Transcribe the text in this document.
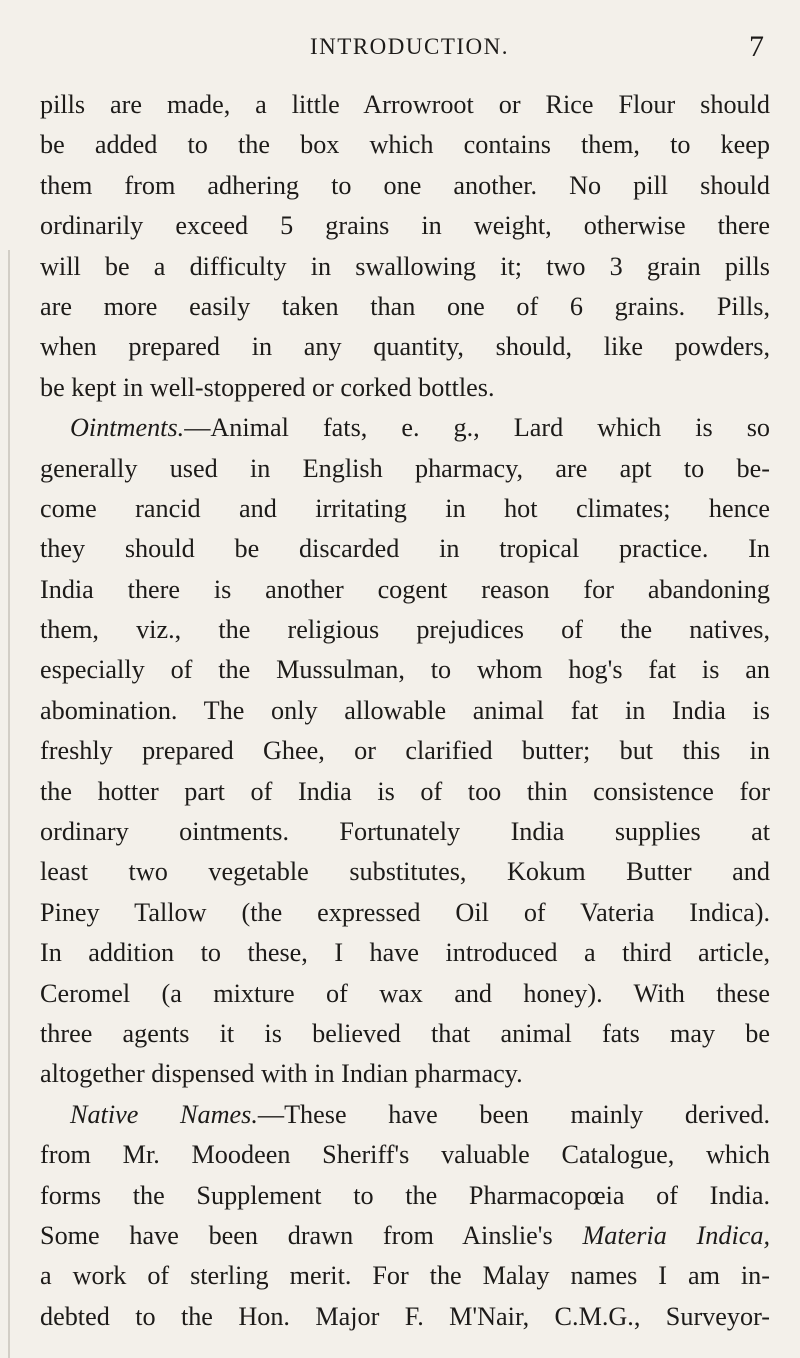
INTRODUCTION.	7
pills are made, a little Arrowroot or Rice Flour should
be added to the box which contains them, to keep
them from adhering to one another. No pill should
ordinarily exceed 5 grains in weight, otherwise there
will be a difficulty in swallowing it; two 3 grain pills
are more easily taken than one of 6 grains. Pills,
when prepared in any quantity, should, like powders,
be kept in well-stoppered or corked bottles.
Ointments.—Animal fats, e. g., Lard which is so
generally used in English pharmacy, are apt to be-
come rancid and irritating in hot climates; hence
they should be discarded in tropical practice. In
India there is another cogent reason for abandoning
them, viz., the religious prejudices of the natives,
especially of the Mussulman, to whom hog's fat is an
abomination. The only allowable animal fat in India is
freshly prepared Ghee, or clarified butter; but this in
the hotter part of India is of too thin consistence for
ordinary ointments. Fortunately India supplies at
least two vegetable substitutes, Kokum Butter and
Piney Tallow (the expressed Oil of Vateria Indica).
In addition to these, I have introduced a third article,
Ceromel (a mixture of wax and honey). With these
three agents it is believed that animal fats may be
altogether dispensed with in Indian pharmacy.
Native Names.—These have been mainly derived.
from Mr. Moodeen Sheriff's valuable Catalogue, which
forms the Supplement to the Pharmacopœia of India.
Some have been drawn from Ainslie's Materia Indica,
a work of sterling merit. For the Malay names I am in-
debted to the Hon. Major F. M'Nair, C.M.G., Surveyor-
